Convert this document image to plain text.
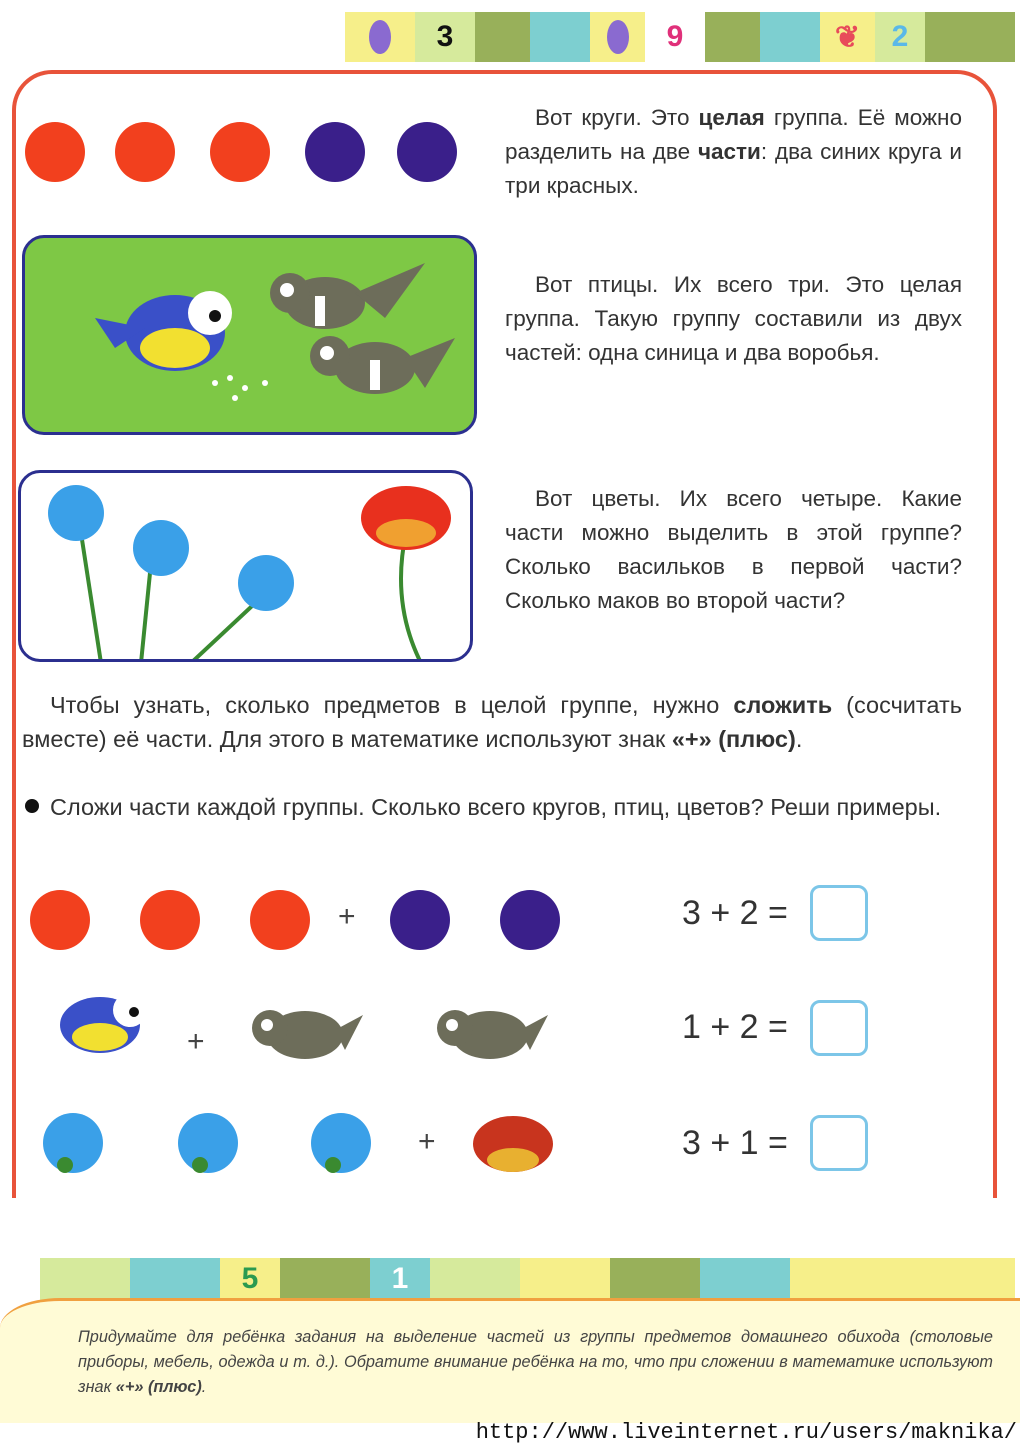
3	9	❦	2

Вот круги. Это целая группа. Её можно разделить на две части: два синих круга и три красных.

Вот птицы. Их всего три. Это целая группа. Такую группу составили из двух частей: одна синица и два воробья.

Вот цветы. Их всего четыре. Какие части можно выделить в этой группе? Сколько васильков в первой части? Сколько маков во второй части?

Чтобы узнать, сколько предметов в целой группе, нужно сложить (сосчитать вместе) её части. Для этого в математике используют знак «+» (плюс).

Сложи части каждой группы. Сколько всего кругов, птиц, цветов? Реши примеры.

+	3 + 2 =
+	1 + 2 =
+	3 + 1 =
5	1

Придумайте для ребёнка задания на выделение частей из группы предметов домашнего обихода (столовые приборы, мебель, одежда и т. д.). Обратите внимание ребёнка на то, что при сложении в математике используют знак «+» (плюс).

http://www.liveinternet.ru/users/maknika/
